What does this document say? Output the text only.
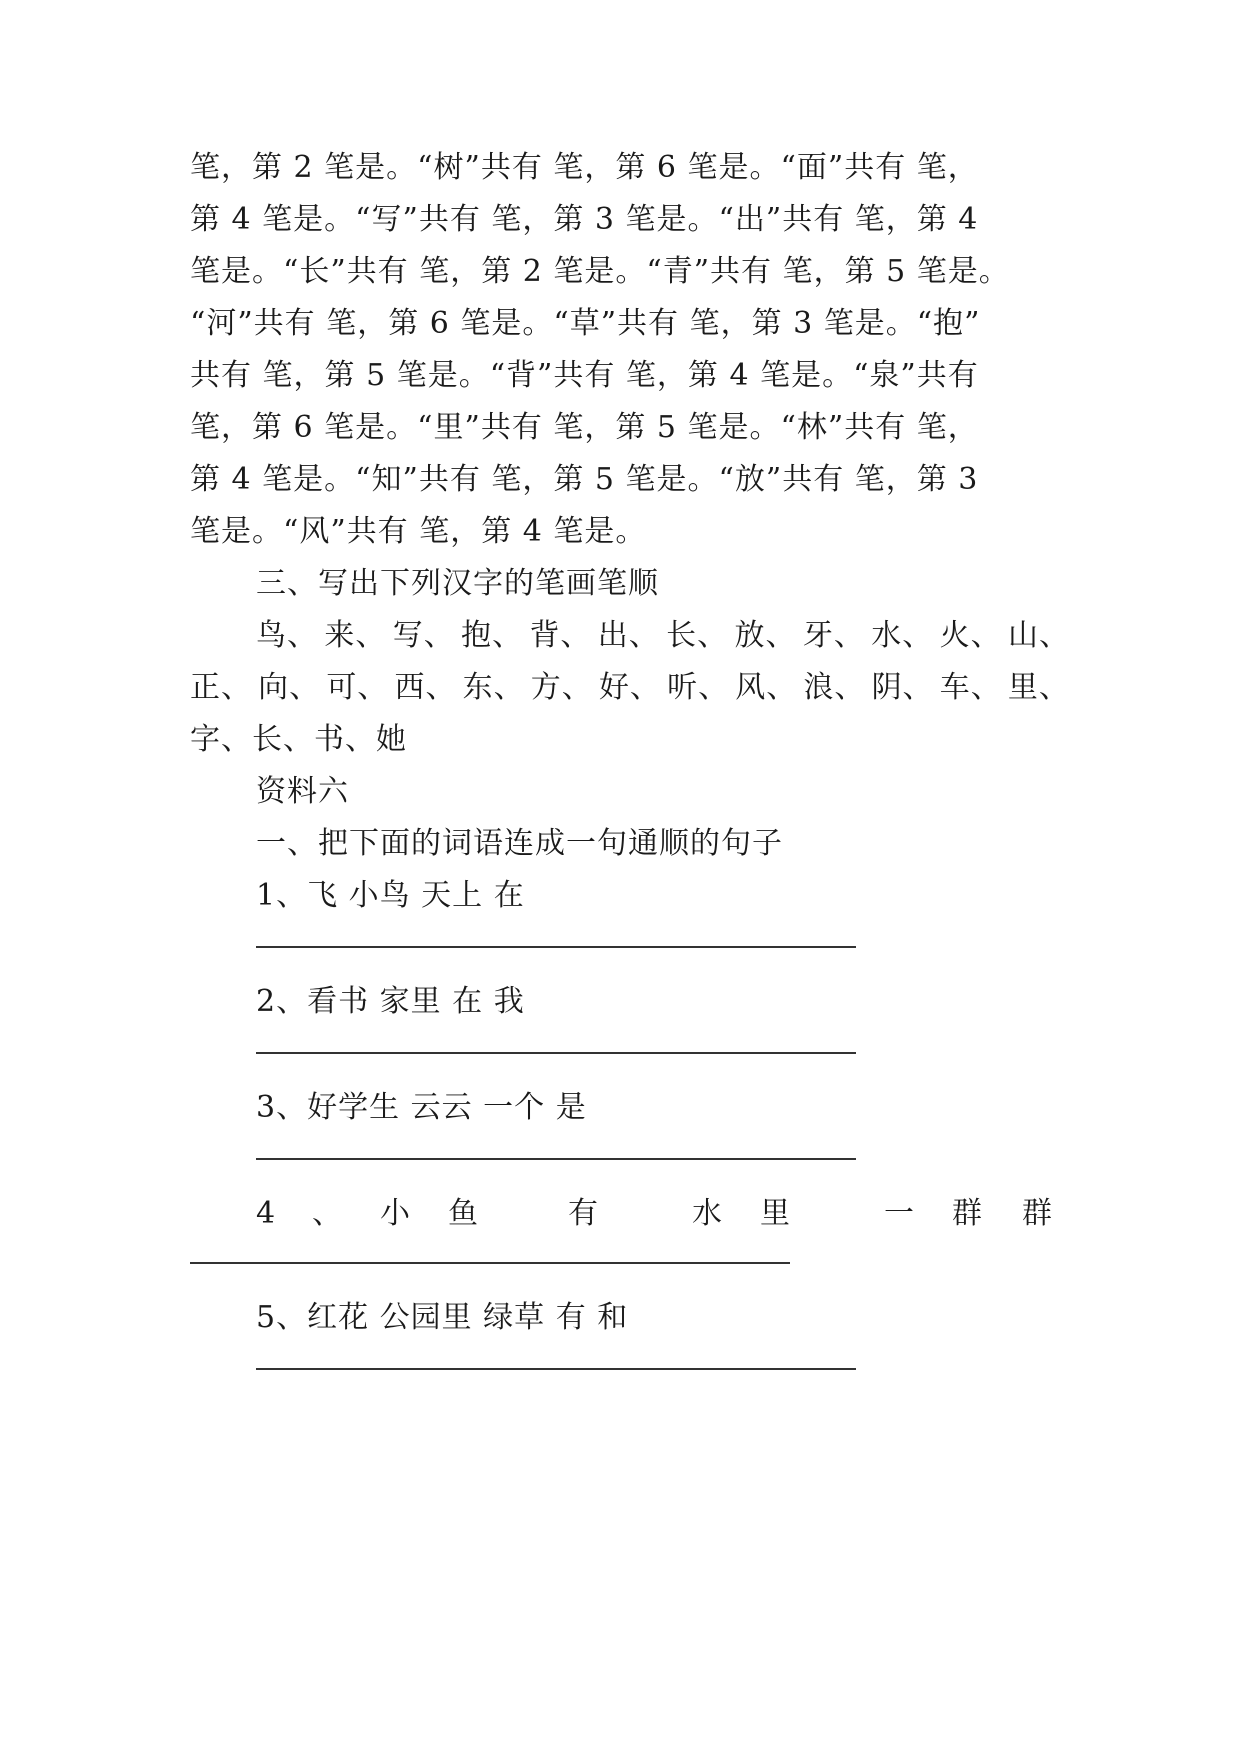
笔，第 2 笔是。“树”共有 笔，第 6 笔是。“面”共有 笔，
第 4 笔是。“写”共有 笔，第 3 笔是。“出”共有 笔，第 4
笔是。“长”共有 笔，第 2 笔是。“青”共有 笔，第 5 笔是。
“河”共有 笔，第 6 笔是。“草”共有 笔，第 3 笔是。“抱”
共有 笔，第 5 笔是。“背”共有 笔，第 4 笔是。“泉”共有
笔，第 6 笔是。“里”共有 笔，第 5 笔是。“林”共有 笔，
第 4 笔是。“知”共有 笔，第 5 笔是。“放”共有 笔，第 3
笔是。“风”共有 笔，第 4 笔是。
三、写出下列汉字的笔画笔顺
鸟、 来、 写、 抱、 背、 出、 长、 放、 牙、 水、 火、 山、
正、 向、 可、 西、 东、 方、 好、 听、 风、 浪、 阴、 车、 里、
字、长、书、她
资料六
一、把下面的词语连成一句通顺的句子
1、飞 小鸟 天上 在
2、看书 家里 在 我
3、好学生 云云 一个 是
4 、 小 鱼	有	水 里	一 群 群
5、红花 公园里 绿草 有 和
